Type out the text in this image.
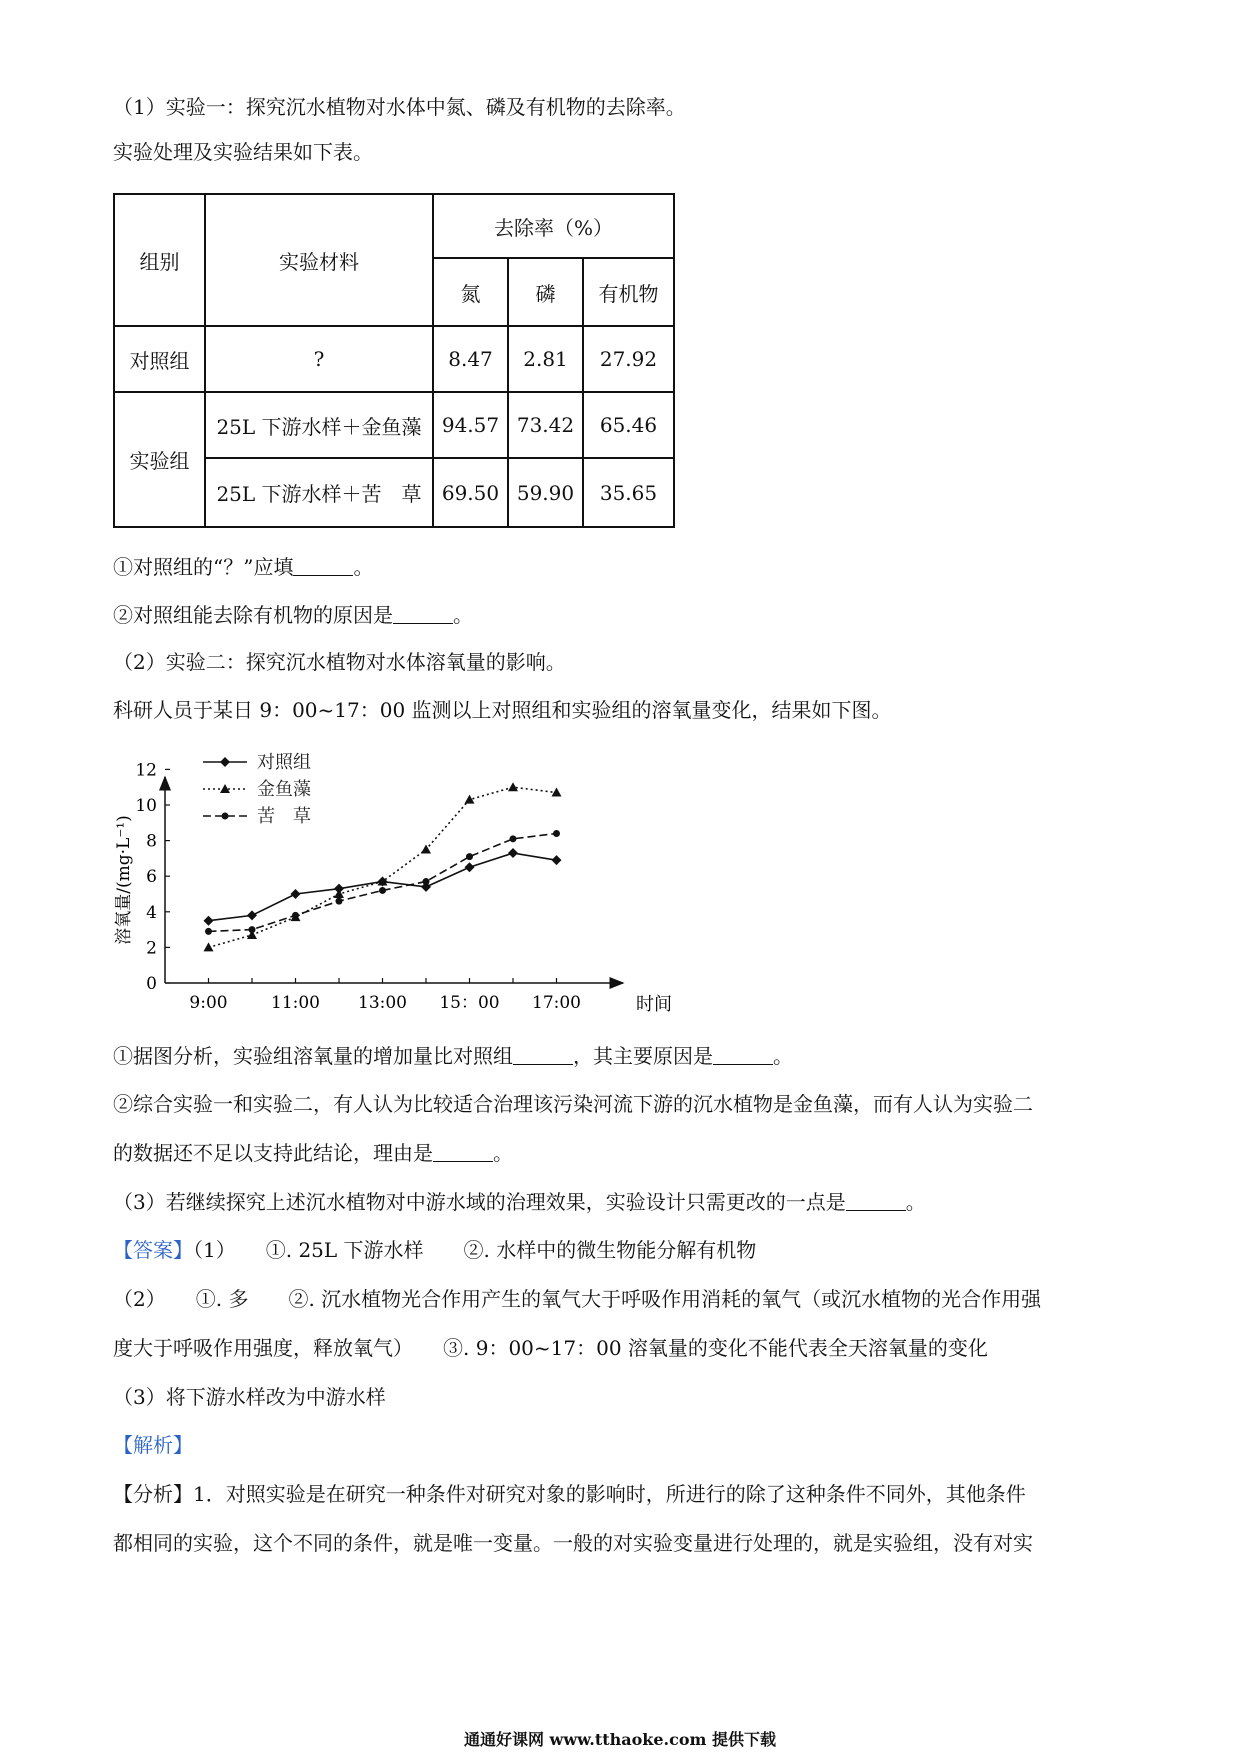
（1）实验一：探究沉水植物对水体中氮、磷及有机物的去除率。
实验处理及实验结果如下表。
组别	实验材料	去除率（%）		
		氮	磷	有机物
对照组	?	8.47	2.81	27.92
实验组	25L 下游水样＋金鱼藻	94.57	73.42	65.46
	25L 下游水样＋苦　草	69.50	59.90	35.65
①对照组的“？”应填	。
②对照组能去除有机物的原因是	。
（2）实验二：探究沉水植物对水体溶氧量的影响。
科研人员于某日 9：00~17：00 监测以上对照组和实验组的溶氧量变化，结果如下图。
0
2
4
6
8
10
12
9:00	11:00 13:00 15：00 17:00
对照组
金鱼藻
苦　草
溶氧量/(mg·L⁻¹)
时间
①据图分析，实验组溶氧量的增加量比对照组	，其主要原因是	。
②综合实验一和实验二，有人认为比较适合治理该污染河流下游的沉水植物是金鱼藻，而有人认为实验二
的数据还不足以支持此结论，理由是	。
（3）若继续探究上述沉水植物对中游水域的治理效果，实验设计只需更改的一点是	。
【答案】（1）　　①. 25L 下游水样　　②. 水样中的微生物能分解有机物
（2）　　①. 多　　②. 沉水植物光合作用产生的氧气大于呼吸作用消耗的氧气（或沉水植物的光合作用强
度大于呼吸作用强度，释放氧气）　　③. 9：00~17：00 溶氧量的变化不能代表全天溶氧量的变化
（3）将下游水样改为中游水样
【解析】
【分析】1．对照实验是在研究一种条件对研究对象的影响时，所进行的除了这种条件不同外，其他条件
都相同的实验，这个不同的条件，就是唯一变量。一般的对实验变量进行处理的，就是实验组，没有对实
通通好课网 www.tthaoke.com 提供下载
